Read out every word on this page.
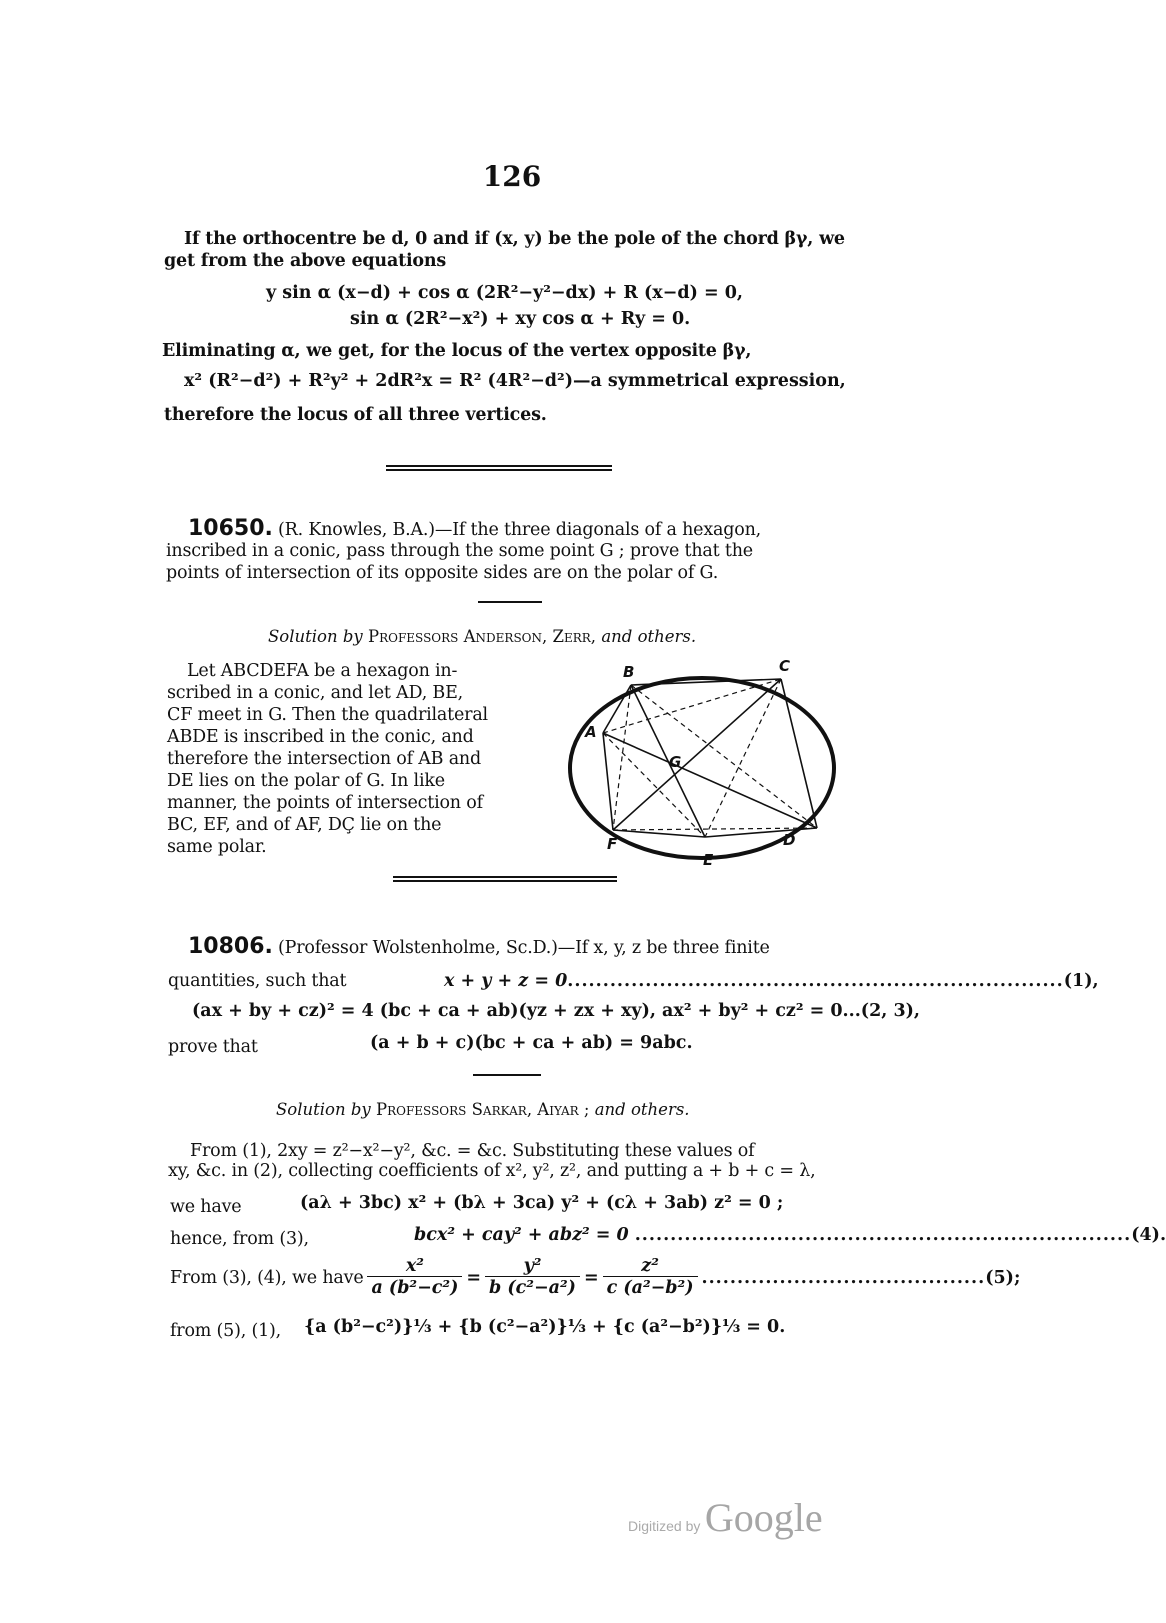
126
If the orthocentre be d, 0 and if (x, y) be the pole of the chord βγ, we
get from the above equations
y sin α (x−d) + cos α (2R²−y²−dx) + R (x−d) = 0,
sin α (2R²−x²) + xy cos α + Ry = 0.
Eliminating α, we get, for the locus of the vertex opposite βγ,
x² (R²−d²) + R²y² + 2dR²x = R² (4R²−d²)—a symmetrical expression,
therefore the locus of all three vertices.
10650. (R. Knowles, B.A.)—If the three diagonals of a hexagon,
inscribed in a conic, pass through the some point G ; prove that the
points of intersection of its opposite sides are on the polar of G.
Solution by Professors Anderson, Zerr, and others.
Let ABCDEFA be a hexagon in-
scribed in a conic, and let AD, BE,
CF meet in G. Then the quadrilateral
ABDE is inscribed in the conic, and
therefore the intersection of AB and
DE lies on the polar of G. In like
manner, the points of intersection of
BC, EF, and of AF, DÇ lie on the
same polar.
A
B	C
D
E
F
G
10806. (Professor Wolstenholme, Sc.D.)—If x, y, z be three finite
quantities, such that	x + y + z = 0 ...................................................................... (1),
(ax + by + cz)² = 4 (bc + ca + ab)(yz + zx + xy), ax² + by² + cz² = 0...(2, 3),
prove that	(a + b + c)(bc + ca + ab) = 9abc.
Solution by Professors Sarkar, Aiyar ; and others.
From (1), 2xy = z²−x²−y², &c. = &c. Substituting these values of
xy, &c. in (2), collecting coefficients of x², y², z², and putting a + b + c = λ,
we have	(aλ + 3bc) x² + (bλ + 3ca) y² + (cλ + 3ab) z² = 0 ;
hence, from (3),	bcx² + cay² + abz² = 0 ...................................................................... (4).
From (3), (4), we have $\frac{\text{x²}}{\text{a (b²−c²)}} = \frac{\text{y²}}{\text{b (c²−a²)}} = \frac{\text{z²}}{\text{c (a²−b²)}}$ ........................................ (5);
from (5), (1), {a (b²−c²)}⅓ + {b (c²−a²)}⅓ + {c (a²−b²)}⅓ = 0.
Digitized by Google
